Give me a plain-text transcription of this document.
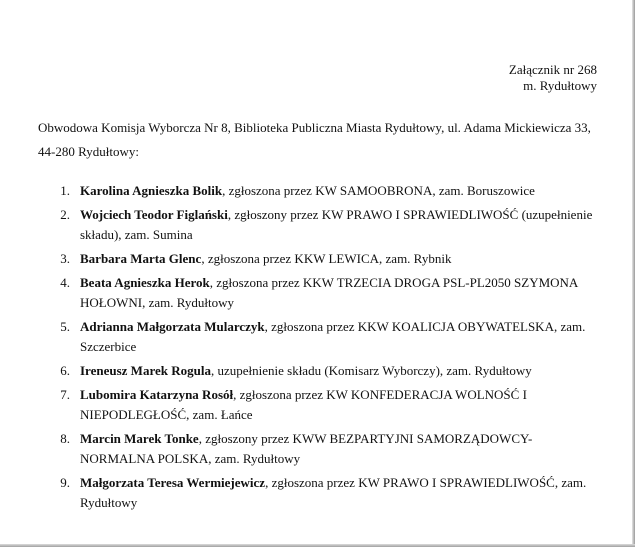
Załącznik nr 268
m. Rydułtowy
Obwodowa Komisja Wyborcza Nr 8, Biblioteka Publiczna Miasta Rydułtowy, ul. Adama Mickiewicza 33, 44-280 Rydułtowy:
1. Karolina Agnieszka Bolik, zgłoszona przez KW SAMOOBRONA, zam. Boruszowice
2. Wojciech Teodor Figlański, zgłoszony przez KW PRAWO I SPRAWIEDLIWOŚĆ (uzupełnienie składu), zam. Sumina
3. Barbara Marta Glenc, zgłoszona przez KKW LEWICA, zam. Rybnik
4. Beata Agnieszka Herok, zgłoszona przez KKW TRZECIA DROGA PSL-PL2050 SZYMONA HOŁOWNI, zam. Rydułtowy
5. Adrianna Małgorzata Mularczyk, zgłoszona przez KKW KOALICJA OBYWATELSKA, zam. Szczerbice
6. Ireneusz Marek Rogula, uzupełnienie składu (Komisarz Wyborczy), zam. Rydułtowy
7. Lubomira Katarzyna Rosół, zgłoszona przez KW KONFEDERACJA WOLNOŚĆ I NIEPODLEGŁOŚĆ, zam. Łańce
8. Marcin Marek Tonke, zgłoszony przez KWW BEZPARTYJNI SAMORZĄDOWCY-NORMALNA POLSKA, zam. Rydułtowy
9. Małgorzata Teresa Wermiejewicz, zgłoszona przez KW PRAWO I SPRAWIEDLIWOŚĆ, zam. Rydułtowy
